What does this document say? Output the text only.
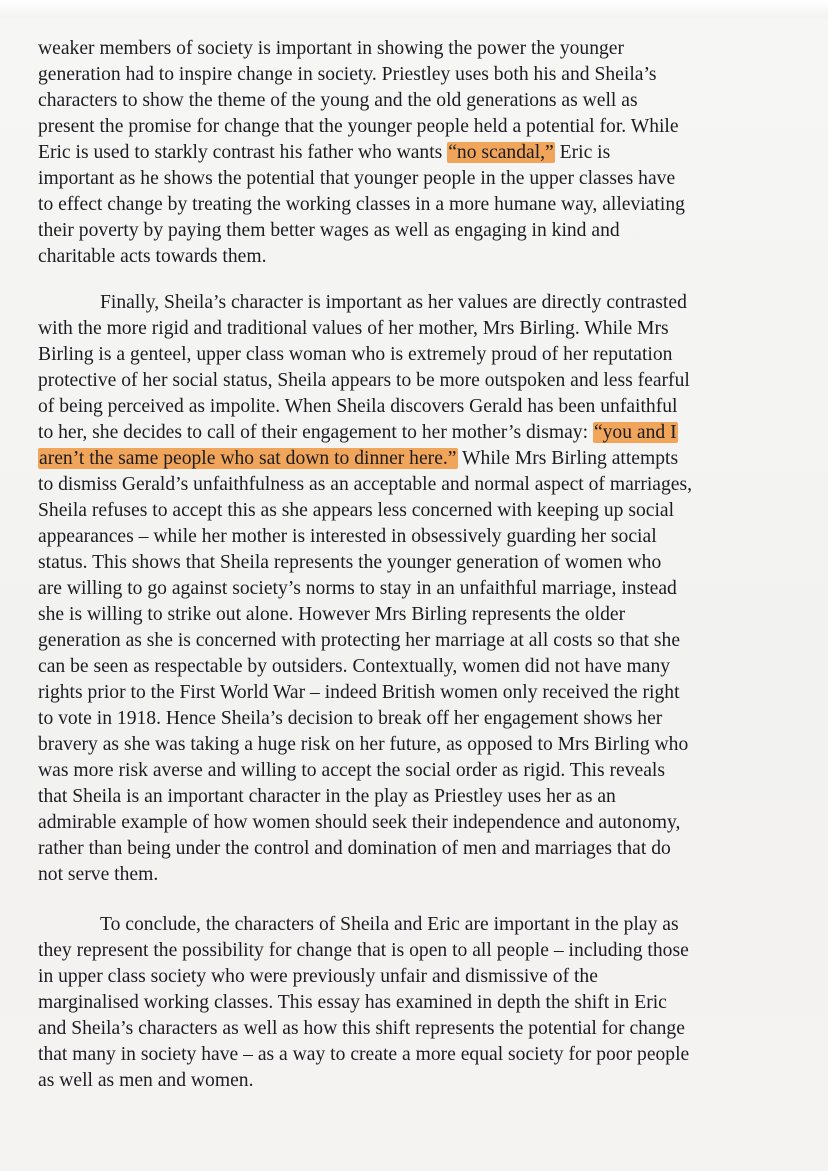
weaker members of society is important in showing the power the younger
generation had to inspire change in society. Priestley uses both his and Sheila’s
characters to show the theme of the young and the old generations as well as
present the promise for change that the younger people held a potential for. While
Eric is used to starkly contrast his father who wants “no scandal,” Eric is
important as he shows the potential that younger people in the upper classes have
to effect change by treating the working classes in a more humane way, alleviating
their poverty by paying them better wages as well as engaging in kind and
charitable acts towards them.
Finally, Sheila’s character is important as her values are directly contrasted
with the more rigid and traditional values of her mother, Mrs Birling. While Mrs
Birling is a genteel, upper class woman who is extremely proud of her reputation
protective of her social status, Sheila appears to be more outspoken and less fearful
of being perceived as impolite. When Sheila discovers Gerald has been unfaithful
to her, she decides to call of their engagement to her mother’s dismay: “you and I
aren’t the same people who sat down to dinner here.” While Mrs Birling attempts
to dismiss Gerald’s unfaithfulness as an acceptable and normal aspect of marriages,
Sheila refuses to accept this as she appears less concerned with keeping up social
appearances – while her mother is interested in obsessively guarding her social
status. This shows that Sheila represents the younger generation of women who
are willing to go against society’s norms to stay in an unfaithful marriage, instead
she is willing to strike out alone. However Mrs Birling represents the older
generation as she is concerned with protecting her marriage at all costs so that she
can be seen as respectable by outsiders. Contextually, women did not have many
rights prior to the First World War – indeed British women only received the right
to vote in 1918. Hence Sheila’s decision to break off her engagement shows her
bravery as she was taking a huge risk on her future, as opposed to Mrs Birling who
was more risk averse and willing to accept the social order as rigid. This reveals
that Sheila is an important character in the play as Priestley uses her as an
admirable example of how women should seek their independence and autonomy,
rather than being under the control and domination of men and marriages that do
not serve them.
To conclude, the characters of Sheila and Eric are important in the play as
they represent the possibility for change that is open to all people – including those
in upper class society who were previously unfair and dismissive of the
marginalised working classes. This essay has examined in depth the shift in Eric
and Sheila’s characters as well as how this shift represents the potential for change
that many in society have – as a way to create a more equal society for poor people
as well as men and women.
